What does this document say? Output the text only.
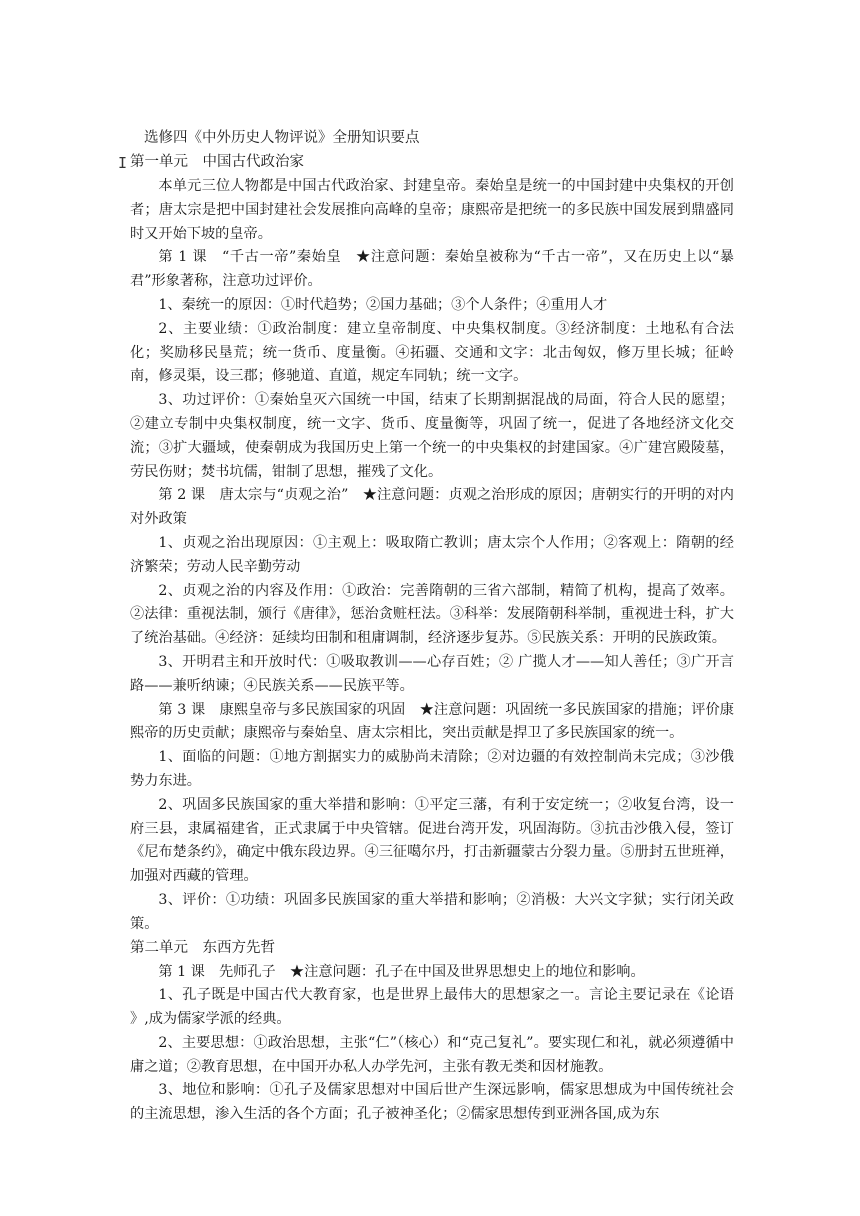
选修四《中外历史人物评说》全册知识要点
I 第一单元　中国古代政治家

本单元三位人物都是中国古代政治家、封建皇帝。秦始皇是统一的中国封建中央集权的开创者；唐太宗是把中国封建社会发展推向高峰的皇帝；康熙帝是把统一的多民族中国发展到鼎盛同时又开始下坡的皇帝。

第 1 课　“千古一帝”秦始皇　★注意问题：秦始皇被称为“千古一帝”，又在历史上以“暴君”形象著称，注意功过评价。

1、秦统一的原因：①时代趋势；②国力基础；③个人条件；④重用人才

2、主要业绩：①政治制度：建立皇帝制度、中央集权制度。③经济制度：土地私有合法化；奖励移民垦荒；统一货币、度量衡。④拓疆、交通和文字：北击匈奴，修万里长城；征岭南，修灵渠，设三郡；修驰道、直道，规定车同轨；统一文字。

3、功过评价：①秦始皇灭六国统一中国，结束了长期割据混战的局面，符合人民的愿望；②建立专制中央集权制度，统一文字、货币、度量衡等，巩固了统一，促进了各地经济文化交流；③扩大疆域，使秦朝成为我国历史上第一个统一的中央集权的封建国家。④广建宫殿陵墓，劳民伤财；焚书坑儒，钳制了思想，摧残了文化。

第 2 课　唐太宗与“贞观之治”　★注意问题：贞观之治形成的原因；唐朝实行的开明的对内对外政策

1、贞观之治出现原因：①主观上：吸取隋亡教训；唐太宗个人作用；②客观上：隋朝的经济繁荣；劳动人民辛勤劳动

2、贞观之治的内容及作用：①政治：完善隋朝的三省六部制，精简了机构，提高了效率。②法律：重视法制，颁行《唐律》，惩治贪赃枉法。③科举：发展隋朝科举制，重视进士科，扩大了统治基础。④经济：延续均田制和租庸调制，经济逐步复苏。⑤民族关系：开明的民族政策。

3、开明君主和开放时代：①吸取教训——心存百姓；② 广揽人才——知人善任；③广开言路——兼听纳谏；④民族关系——民族平等。

第 3 课　康熙皇帝与多民族国家的巩固　★注意问题：巩固统一多民族国家的措施；评价康熙帝的历史贡献；康熙帝与秦始皇、唐太宗相比，突出贡献是捍卫了多民族国家的统一。

1、面临的问题：①地方割据实力的威胁尚未清除；②对边疆的有效控制尚未完成；③沙俄势力东进。

2、巩固多民族国家的重大举措和影响：①平定三藩，有利于安定统一；②收复台湾，设一府三县，隶属福建省，正式隶属于中央管辖。促进台湾开发，巩固海防。③抗击沙俄入侵，签订《尼布楚条约》，确定中俄东段边界。④三征噶尔丹，打击新疆蒙古分裂力量。⑤册封五世班禅，加强对西藏的管理。

3、评价：①功绩：巩固多民族国家的重大举措和影响；②消极：大兴文字狱；实行闭关政策。

第二单元　东西方先哲

第 1 课　先师孔子　★注意问题：孔子在中国及世界思想史上的地位和影响。

1、孔子既是中国古代大教育家，也是世界上最伟大的思想家之一。言论主要记录在《论语 》,成为儒家学派的经典。

2、主要思想：①政治思想，主张“仁”（核心）和“克己复礼”。要实现仁和礼，就必须遵循中庸之道；②教育思想，在中国开办私人办学先河，主张有教无类和因材施教。

3、地位和影响：①孔子及儒家思想对中国后世产生深远影响，儒家思想成为中国传统社会的主流思想，渗入生活的各个方面；孔子被神圣化；②儒家思想传到亚洲各国,成为东
